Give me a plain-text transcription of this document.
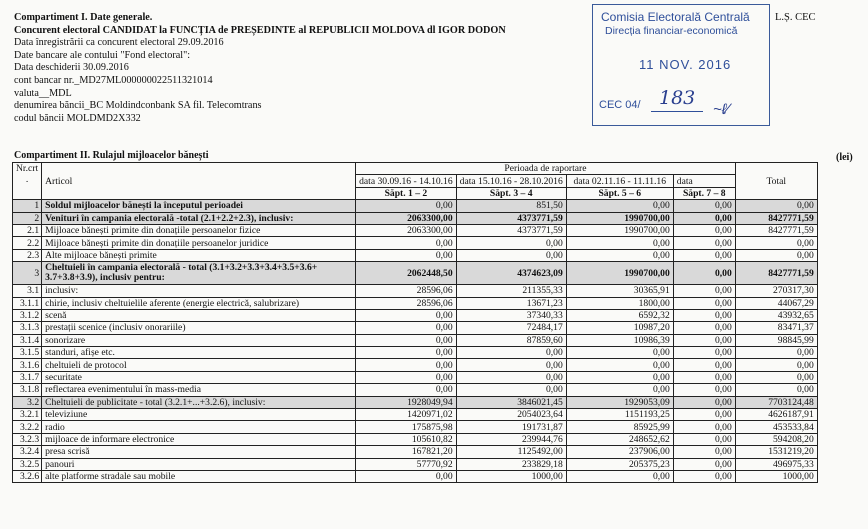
Compartiment I. Date generale.
Concurent electoral CANDIDAT la FUNCȚIA de PREȘEDINTE al REPUBLICII MOLDOVA dl IGOR DODON
Data înregistrării ca concurent electoral 29.09.2016
Date bancare ale contului "Fond electoral":
Data deschiderii 30.09.2016
cont bancar nr._MD27ML000000022511321014
valuta__MDL
denumirea băncii_BC Moldindconbank SA fil. Telecomtrans
codul băncii MOLDMD2X332
Comisia Electorală Centrală
Direcția financiar-economică
11 NOV. 2016
CEC 04/ 183
~ℓ∕
L.Ș. CEC
Compartiment II. Rulajul mijloacelor bănești	(lei)
Nr.crt .	Articol	Perioada de raportare				Total
		data 30.09.16 - 14.10.16	data 15.10.16 - 28.10.2016	data 02.11.16 - 11.11.16	data	
		Săpt. 1 – 2	Săpt. 3 – 4	Săpt. 5 – 6	Săpt. 7 – 8	
1	Soldul mijloacelor bănești la începutul perioadei	0,00	851,50	0,00	0,00	0,00
2	Venituri în campania electorală -total (2.1+2.2+2.3), inclusiv:	2063300,00	4373771,59	1990700,00	0,00	8427771,59
2.1	Mijloace bănești primite din donațiile persoanelor fizice	2063300,00	4373771,59	1990700,00	0,00	8427771,59
2.2	Mijloace bănești primite din donațiile persoanelor juridice	0,00	0,00	0,00	0,00	0,00
2.3	Alte mijloace bănești primite	0,00	0,00	0,00	0,00	0,00
3	Cheltuieli în campania electorală - total (3.1+3.2+3.3+3.4+3.5+3.6+ 3.7+3.8+3.9), inclusiv pentru:	2062448,50	4374623,09	1990700,00	0,00	8427771,59
3.1	inclusiv:	28596,06	211355,33	30365,91	0,00	270317,30
3.1.1	chirie, inclusiv cheltuielile aferente (energie electrică, salubrizare)	28596,06	13671,23	1800,00	0,00	44067,29
3.1.2	scenă	0,00	37340,33	6592,32	0,00	43932,65
3.1.3	prestații scenice (inclusiv onorariile)	0,00	72484,17	10987,20	0,00	83471,37
3.1.4	sonorizare	0,00	87859,60	10986,39	0,00	98845,99
3.1.5	standuri, afișe etc.	0,00	0,00	0,00	0,00	0,00
3.1.6	cheltuieli de protocol	0,00	0,00	0,00	0,00	0,00
3.1.7	securitate	0,00	0,00	0,00	0,00	0,00
3.1.8	reflectarea evenimentului în mass-media	0,00	0,00	0,00	0,00	0,00
3.2	Cheltuieli de publicitate - total (3.2.1+...+3.2.6), inclusiv:	1928049,94	3846021,45	1929053,09	0,00	7703124,48
3.2.1	televiziune	1420971,02	2054023,64	1151193,25	0,00	4626187,91
3.2.2	radio	175875,98	191731,87	85925,99	0,00	453533,84
3.2.3	mijloace de informare electronice	105610,82	239944,76	248652,62	0,00	594208,20
3.2.4	presa scrisă	167821,20	1125492,00	237906,00	0,00	1531219,20
3.2.5	panouri	57770,92	233829,18	205375,23	0,00	496975,33
3.2.6	alte platforme stradale sau mobile	0,00	1000,00	0,00	0,00	1000,00
